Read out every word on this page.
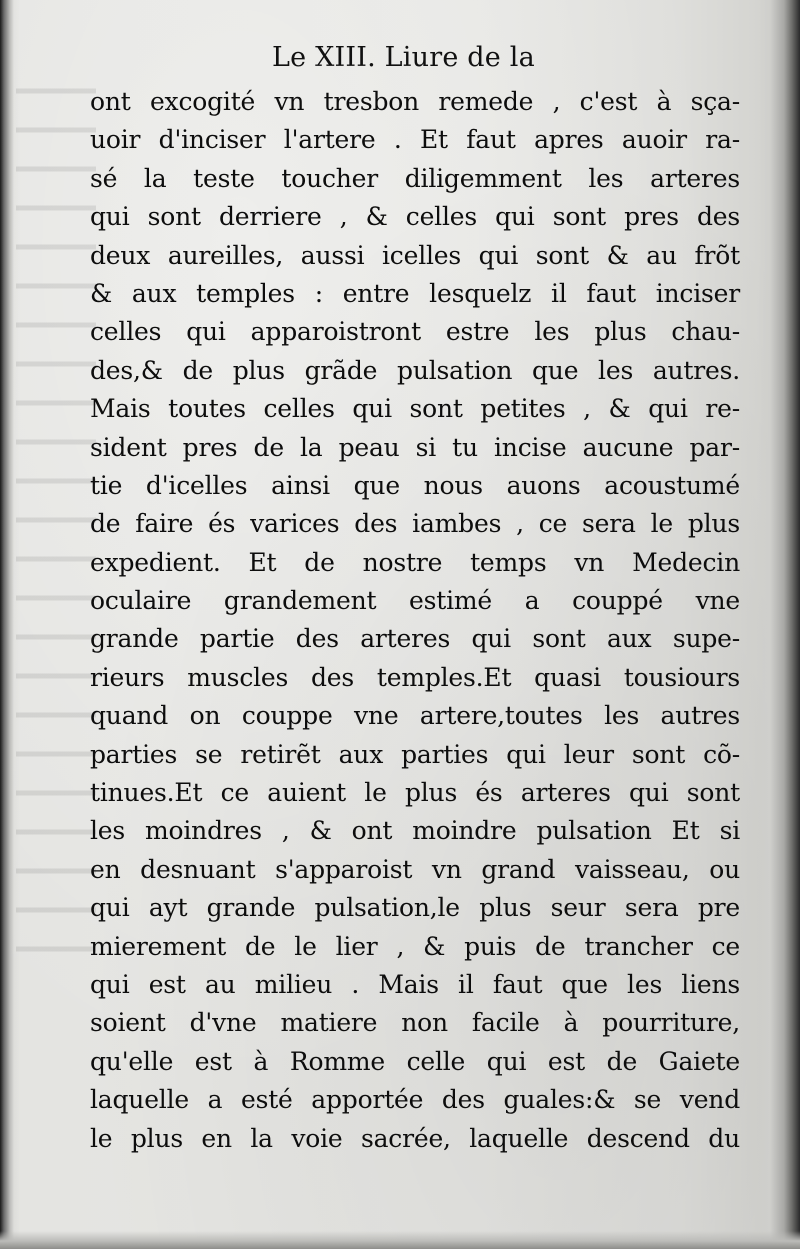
Le XIII. Liure de la
ont excogité vn tresbon remede , c'est à sça-
uoir d'inciser l'artere . Et faut apres auoir ra-
sé la teste toucher diligemment les arteres
qui sont derriere , & celles qui sont pres des
deux aureilles, aussi icelles qui sont & au frõt
& aux temples : entre lesquelz il faut inciser
celles qui apparoistront estre les plus chau-
des,& de plus grãde pulsation que les autres.
Mais toutes celles qui sont petites , & qui re-
sident pres de la peau si tu incise aucune par-
tie d'icelles ainsi que nous auons acoustumé
de faire és varices des iambes , ce sera le plus
expedient. Et de nostre temps vn Medecin
oculaire grandement estimé a couppé vne
grande partie des arteres qui sont aux supe-
rieurs muscles des temples.Et quasi tousiours
quand on couppe vne artere,toutes les autres
parties se retirẽt aux parties qui leur sont cõ-
tinues.Et ce auient le plus és arteres qui sont
les moindres , & ont moindre pulsation Et si
en desnuant s'apparoist vn grand vaisseau, ou
qui ayt grande pulsation,le plus seur sera pre
mierement de le lier , & puis de trancher ce
qui est au milieu . Mais il faut que les liens
soient d'vne matiere non facile à pourriture,
qu'elle est à Romme celle qui est de Gaiete
laquelle a esté apportée des guales:& se vend
le plus en la voie sacrée, laquelle descend du
